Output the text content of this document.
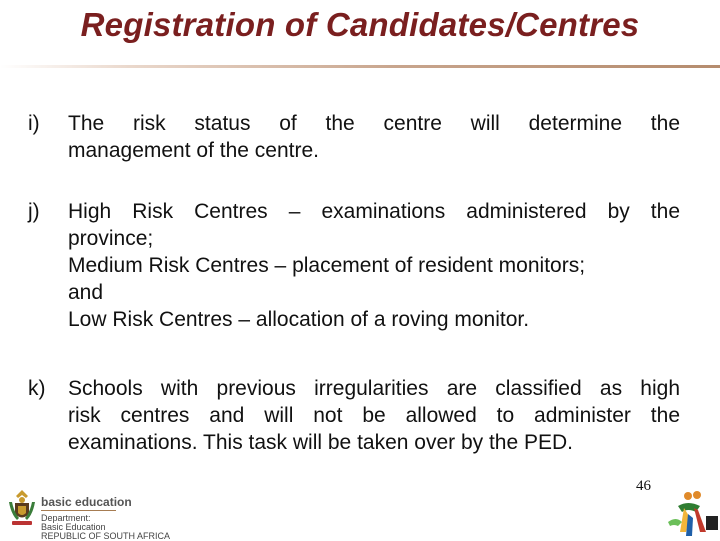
Registration of Candidates/Centres
i)	The risk status of the centre will determine the
management of the centre.
j)	High Risk Centres – examinations administered by the
province;
Medium Risk Centres – placement of resident monitors;
and
Low Risk Centres – allocation of a roving monitor.
k)	Schools with previous irregularities are classified as high
risk centres and will not be allowed to administer the
examinations. This task will be taken over by the PED.
basic education
Department:
Basic Education
REPUBLIC OF SOUTH AFRICA
46
